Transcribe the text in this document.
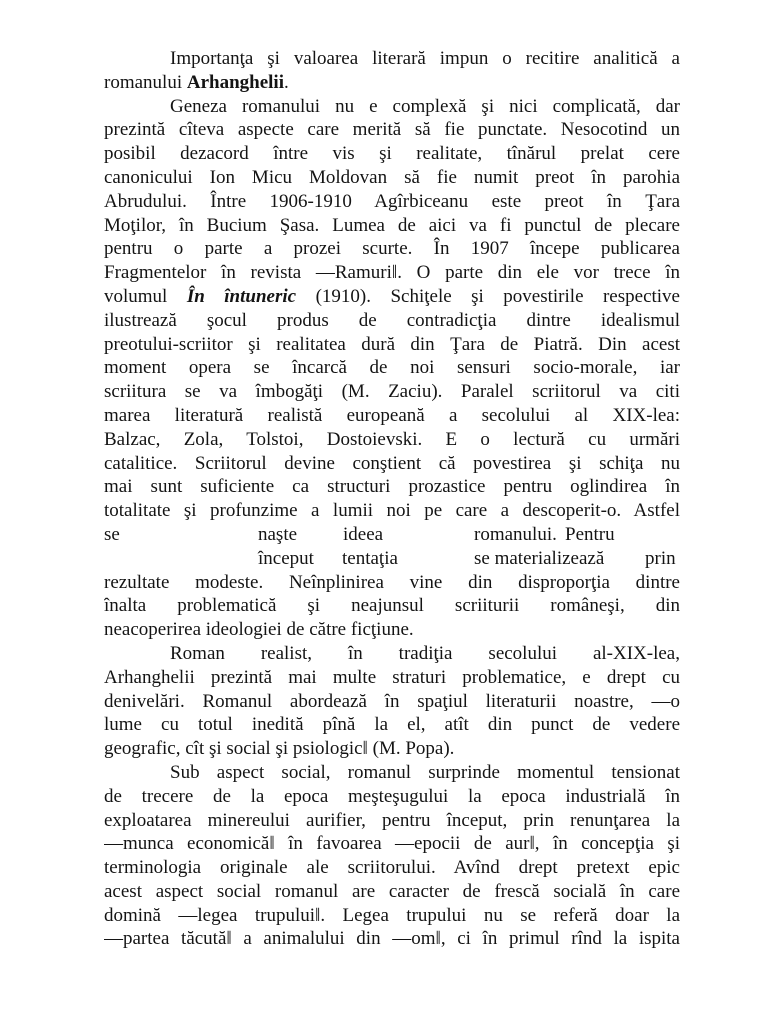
Importanţa şi valoarea literară impun o recitire analitică a
romanului Arhanghelii.
Geneza romanului nu e complexă şi nici complicată, dar
prezintă cîteva aspecte care merită să fie punctate. Nesocotind un
posibil dezacord între vis şi realitate, tînărul prelat cere
canonicului Ion Micu Moldovan să fie numit preot în parohia
Abrudului. Între 1906-1910 Agîrbiceanu este preot în Ţara
Moţilor, în Bucium Şasa. Lumea de aici va fi punctul de plecare
pentru o parte a prozei scurte. În 1907 începe publicarea
Fragmentelor în revista ―Ramuri‖. O parte din ele vor trece în
volumul În întuneric (1910). Schiţele şi povestirile respective
ilustrează şocul produs de contradicţia dintre idealismul
preotului-scriitor şi realitatea dură din Ţara de Piatră. Din acest
moment opera se încarcă de noi sensuri socio-morale, iar
scriitura se va îmbogăţi (M. Zaciu). Paralel scriitorul va citi
marea literatură realistă europeană a secolului al XIX-lea:
Balzac, Zola, Tolstoi, Dostoievski. E o lectură cu urmări
catalitice. Scriitorul devine conştient că povestirea şi schiţa nu
mai sunt suficiente ca structuri prozastice pentru oglindirea în
totalitate şi profunzime a lumii noi pe care a descoperit-o. Astfel
se	naşte ideea	romanului. Pentru
început tentaţia	se materializează prin
rezultate modeste. Neînplinirea vine din disproporţia dintre
înalta problematică şi neajunsul scriiturii româneşi, din
neacoperirea ideologiei de către ficţiune.
Roman realist, în tradiţia secolului al-XIX-lea,
Arhanghelii prezintă mai multe straturi problematice, e drept cu
denivelări. Romanul abordează în spaţiul literaturii noastre, ―o
lume cu totul inedită pînă la el, atît din punct de vedere
geografic, cît şi social şi psiologic‖ (M. Popa).
Sub aspect social, romanul surprinde momentul tensionat
de trecere de la epoca meşteşugului la epoca industrială în
exploatarea minereului aurifier, pentru început, prin renunţarea la
―munca economică‖ în favoarea ―epocii de aur‖, în concepţia şi
terminologia originale ale scriitorului. Avînd drept pretext epic
acest aspect social romanul are caracter de frescă socială în care
domină ―legea trupului‖. Legea trupului nu se referă doar la
―partea tăcută‖ a animalului din ―om‖, ci în primul rînd la ispita
